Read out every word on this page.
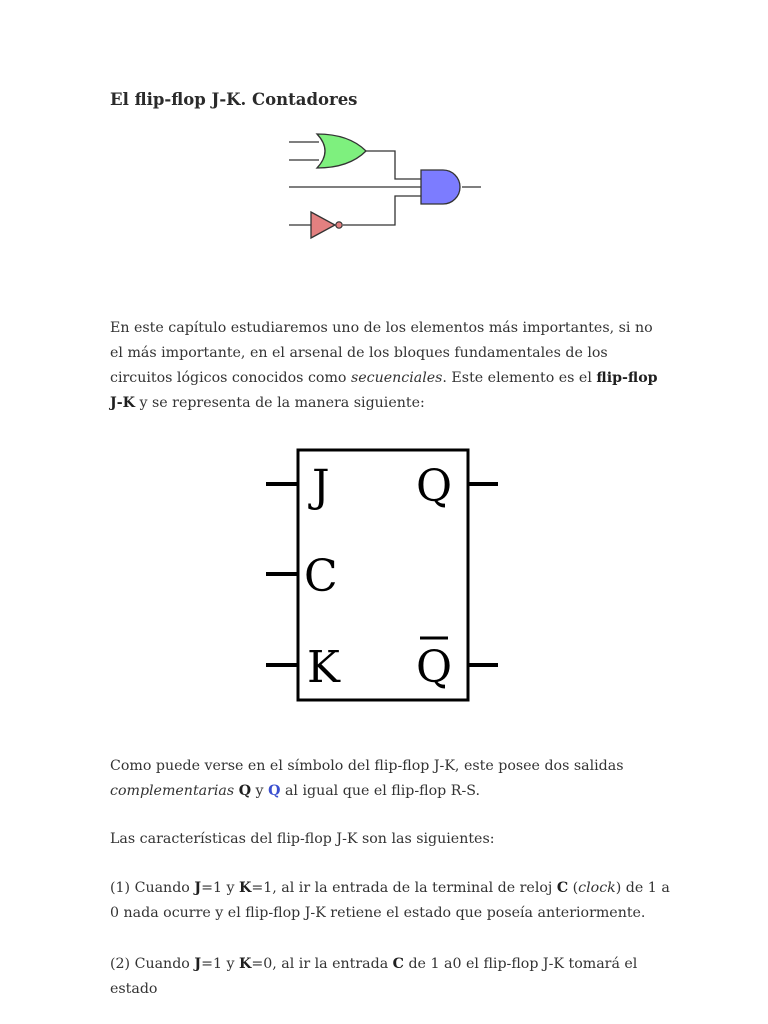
El flip-flop J-K. Contadores

En este capítulo estudiaremos uno de los elementos más importantes, si no el más importante, en el arsenal de los bloques fundamentales de los circuitos lógicos conocidos como secuenciales. Este elemento es el flip-flop J-K y se representa de la manera siguiente:

J
C
K
Q
Q

Como puede verse en el símbolo del flip-flop J-K, este posee dos salidas complementarias Q y Q al igual que el flip-flop R-S.

Las características del flip-flop J-K son las siguientes:

(1) Cuando J=1 y K=1, al ir la entrada de la terminal de reloj C (clock) de 1 a 0 nada ocurre y el flip-flop J-K retiene el estado que poseía anteriormente.

(2) Cuando J=1 y K=0, al ir la entrada C de 1 a0 el flip-flop J-K tomará el estado
